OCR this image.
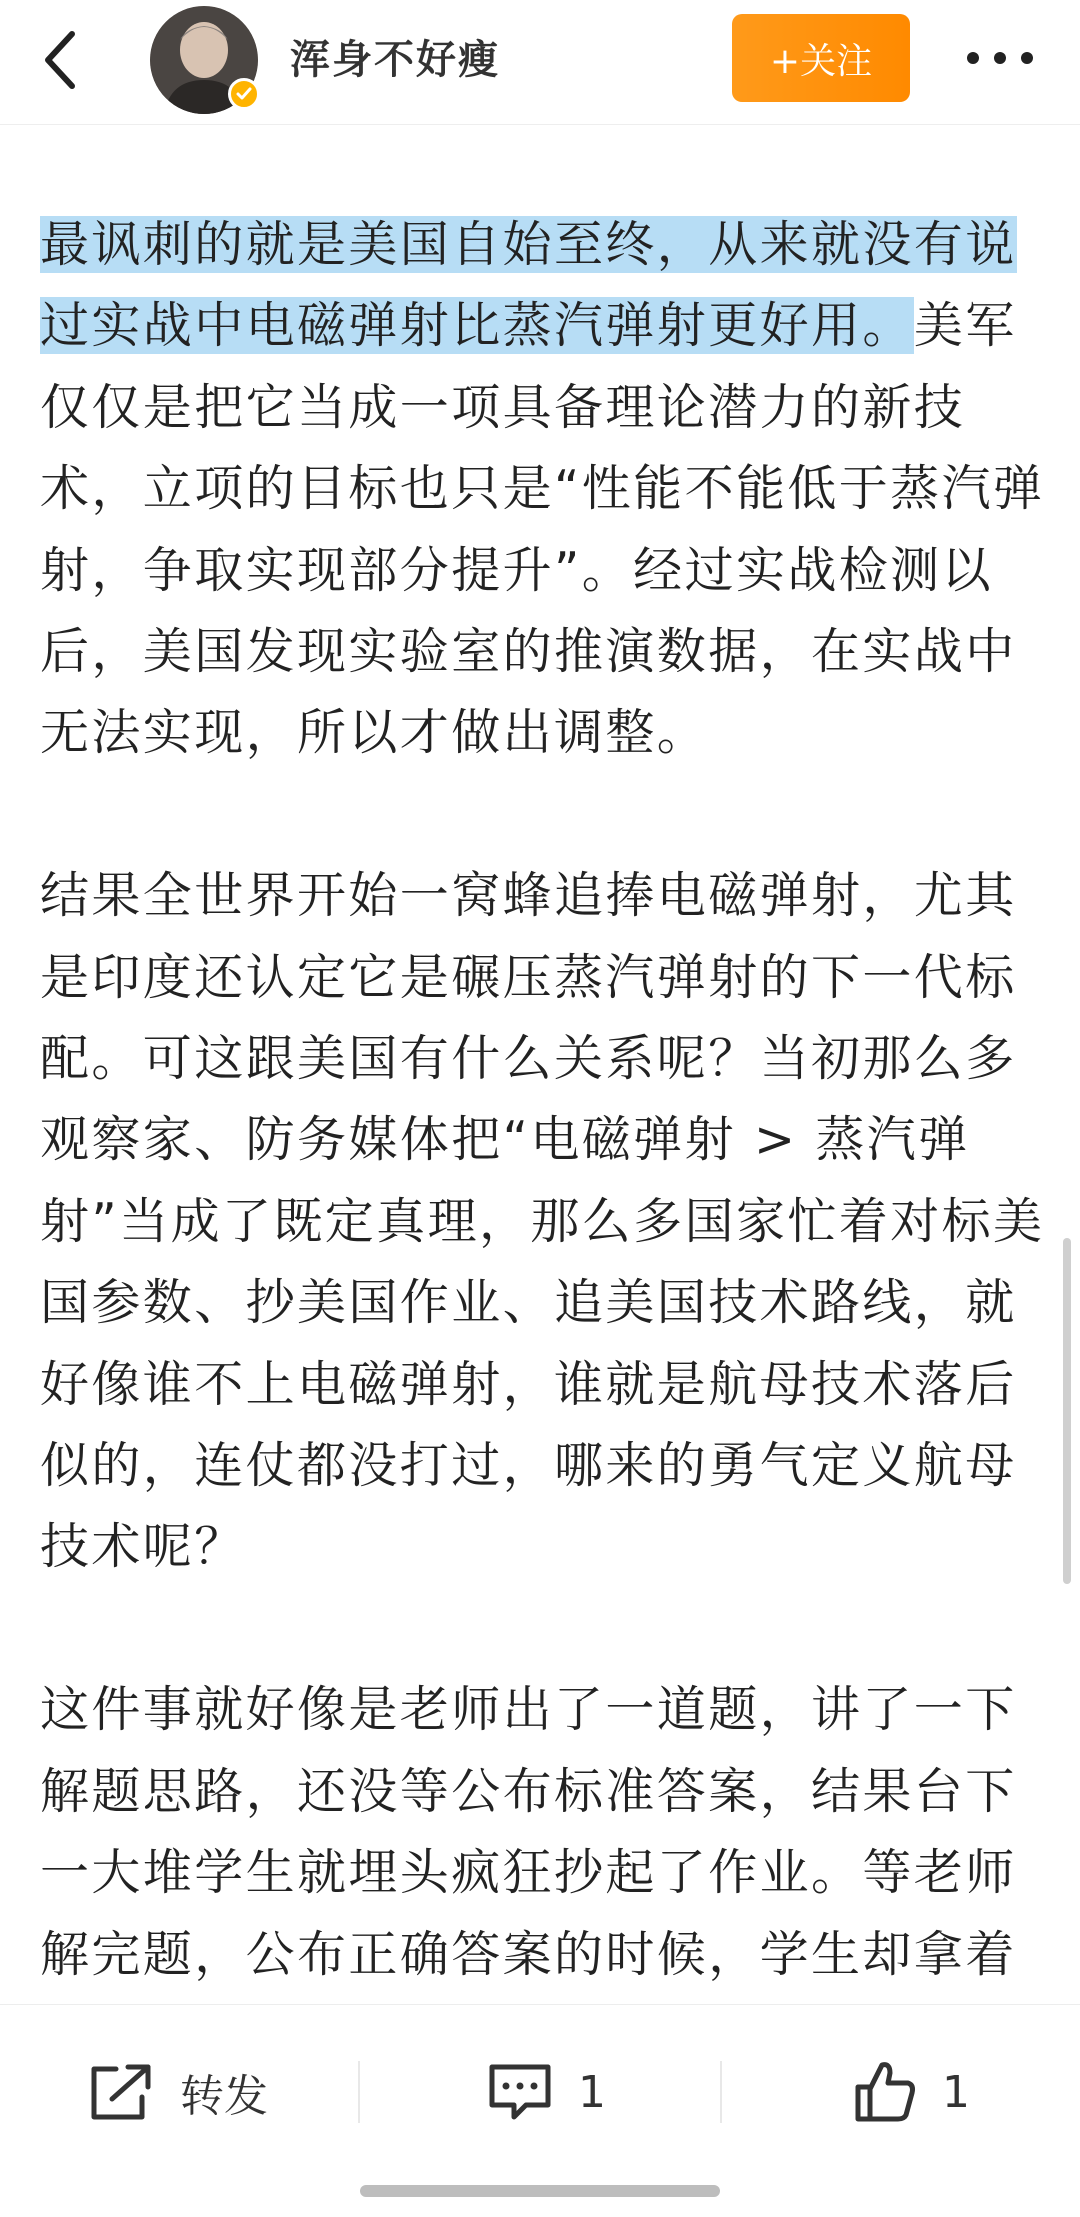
浑身不好瘦	+关注

最讽刺的就是美国自始至终，从来就没有说过实战中电磁弹射比蒸汽弹射更好用。美军仅仅是把它当成一项具备理论潜力的新技术，立项的目标也只是“性能不能低于蒸汽弹射，争取实现部分提升”。经过实战检测以后，美国发现实验室的推演数据，在实战中无法实现，所以才做出调整。

结果全世界开始一窝蜂追捧电磁弹射，尤其是印度还认定它是碾压蒸汽弹射的下一代标配。可这跟美国有什么关系呢？当初那么多观察家、防务媒体把“电磁弹射 > 蒸汽弹射”当成了既定真理，那么多国家忙着对标美国参数、抄美国作业、追美国技术路线，就好像谁不上电磁弹射，谁就是航母技术落后似的，连仗都没打过，哪来的勇气定义航母技术呢？

这件事就好像是老师出了一道题，讲了一下解题思路，还没等公布标准答案，结果台下一大堆学生就埋头疯狂抄起了作业。等老师解完题，公布正确答案的时候，学生却拿着

转发	1	1
